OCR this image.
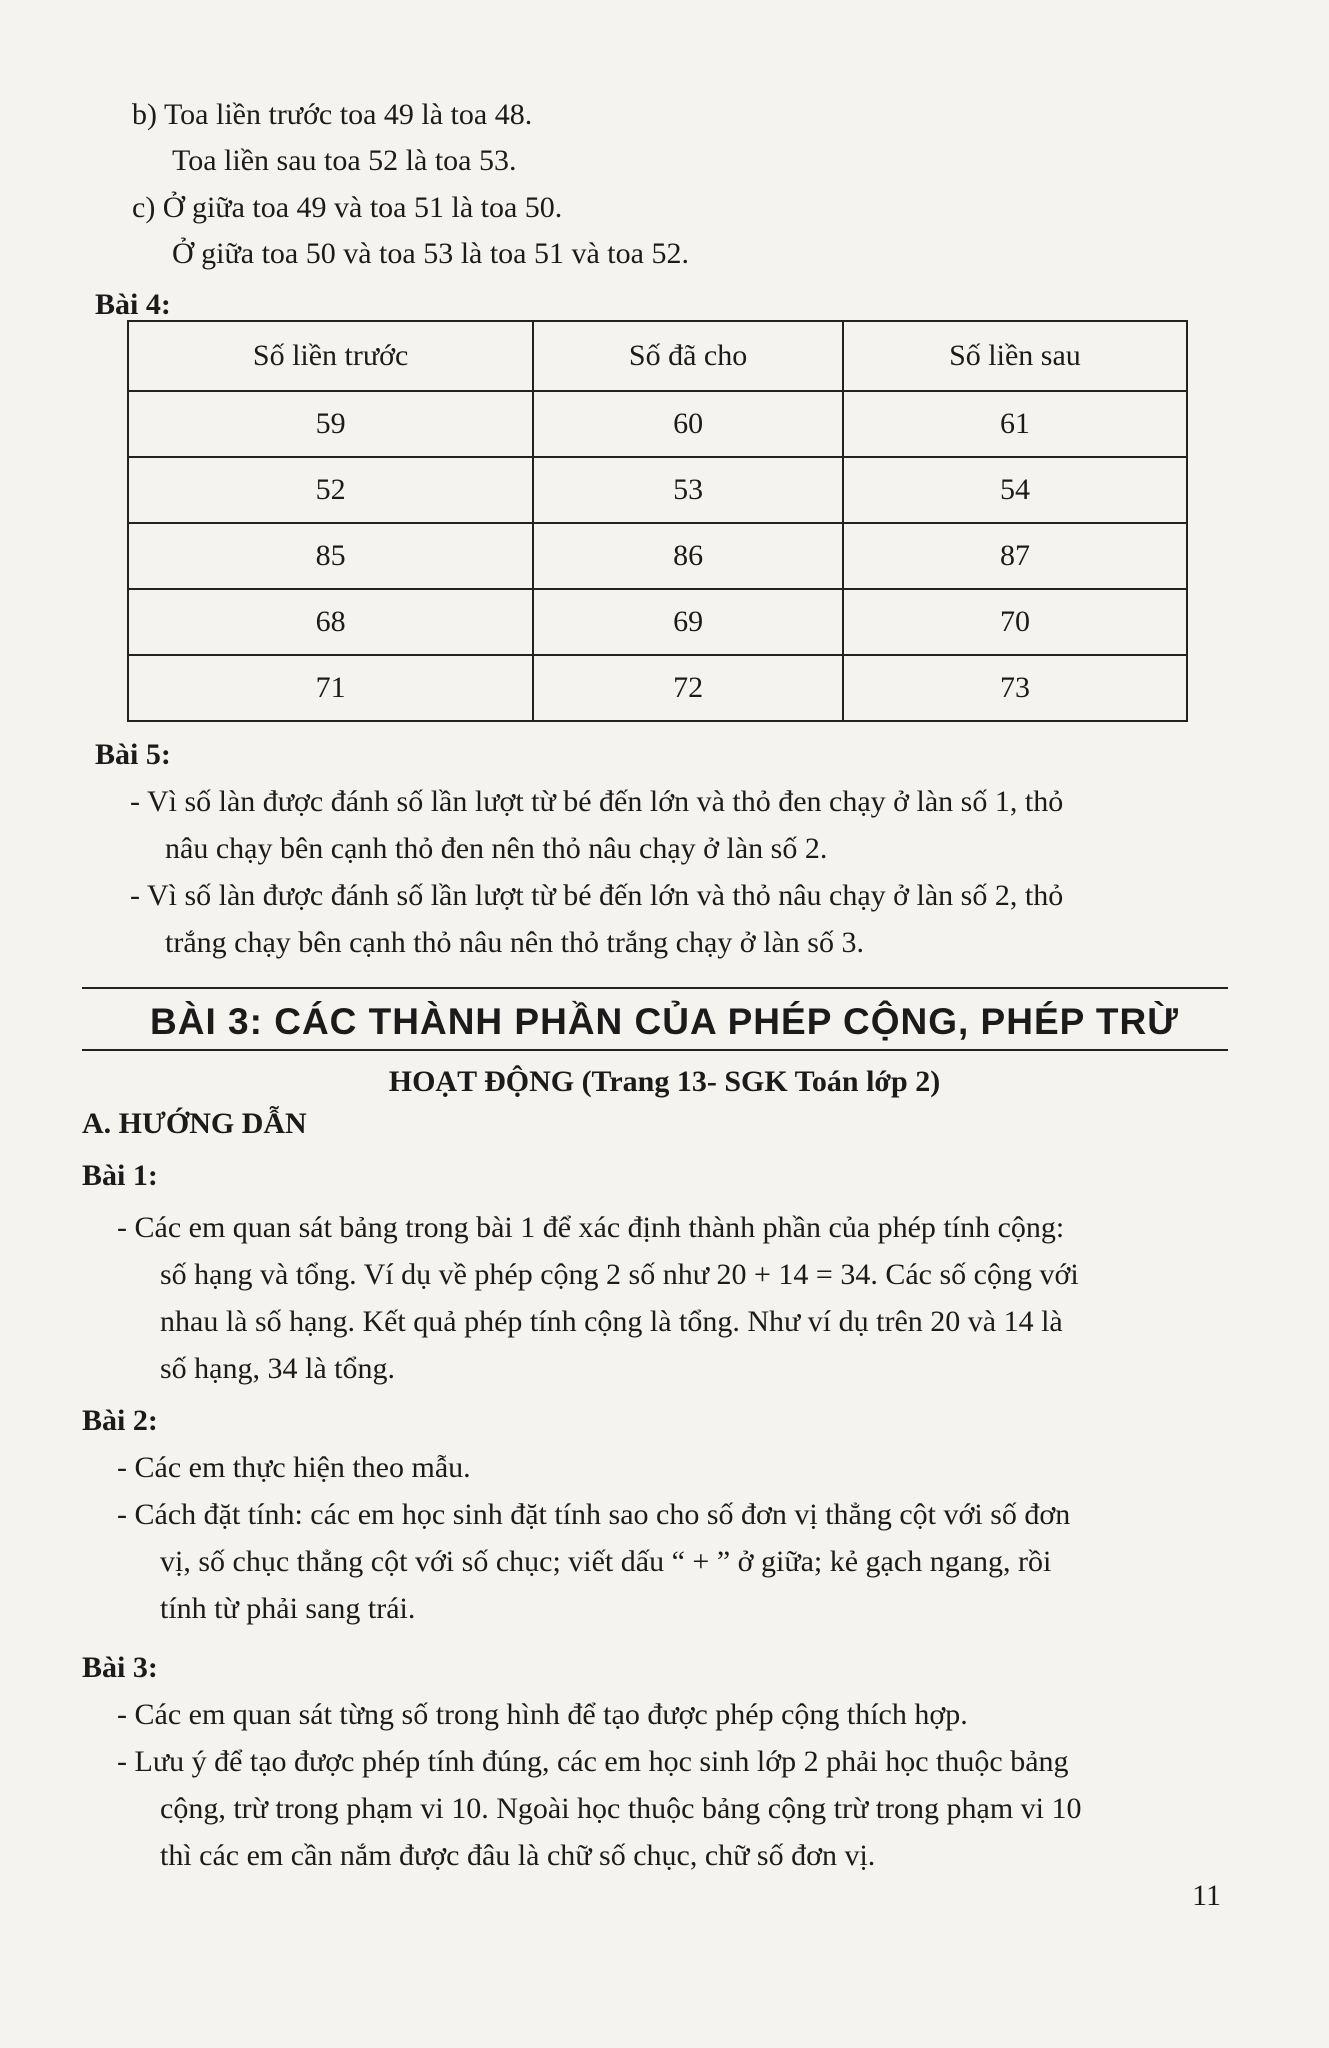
b) Toa liền trước toa 49 là toa 48.
Toa liền sau toa 52 là toa 53.
c) Ở giữa toa 49 và toa 51 là toa 50.
Ở giữa toa 50 và toa 53 là toa 51 và toa 52.
Bài 4:
Số liền trước	Số đã cho	Số liền sau
59	60	61
52	53	54
85	86	87
68	69	70
71	72	73
Bài 5:
- Vì số làn được đánh số lần lượt từ bé đến lớn và thỏ đen chạy ở làn số 1, thỏ
nâu chạy bên cạnh thỏ đen nên thỏ nâu chạy ở làn số 2.
- Vì số làn được đánh số lần lượt từ bé đến lớn và thỏ nâu chạy ở làn số 2, thỏ
trắng chạy bên cạnh thỏ nâu nên thỏ trắng chạy ở làn số 3.
BÀI 3: CÁC THÀNH PHẦN CỦA PHÉP CỘNG, PHÉP TRỪ
HOẠT ĐỘNG (Trang 13- SGK Toán lớp 2)
A. HƯỚNG DẪN
Bài 1:
- Các em quan sát bảng trong bài 1 để xác định thành phần của phép tính cộng:
số hạng và tổng. Ví dụ về phép cộng 2 số như 20 + 14 = 34. Các số cộng với
nhau là số hạng. Kết quả phép tính cộng là tổng. Như ví dụ trên 20 và 14 là
số hạng, 34 là tổng.
Bài 2:
- Các em thực hiện theo mẫu.
- Cách đặt tính: các em học sinh đặt tính sao cho số đơn vị thẳng cột với số đơn
vị, số chục thẳng cột với số chục; viết dấu “ + ” ở giữa; kẻ gạch ngang, rồi
tính từ phải sang trái.
Bài 3:
- Các em quan sát từng số trong hình để tạo được phép cộng thích hợp.
- Lưu ý để tạo được phép tính đúng, các em học sinh lớp 2 phải học thuộc bảng
cộng, trừ trong phạm vi 10. Ngoài học thuộc bảng cộng trừ trong phạm vi 10
thì các em cần nắm được đâu là chữ số chục, chữ số đơn vị.
11
